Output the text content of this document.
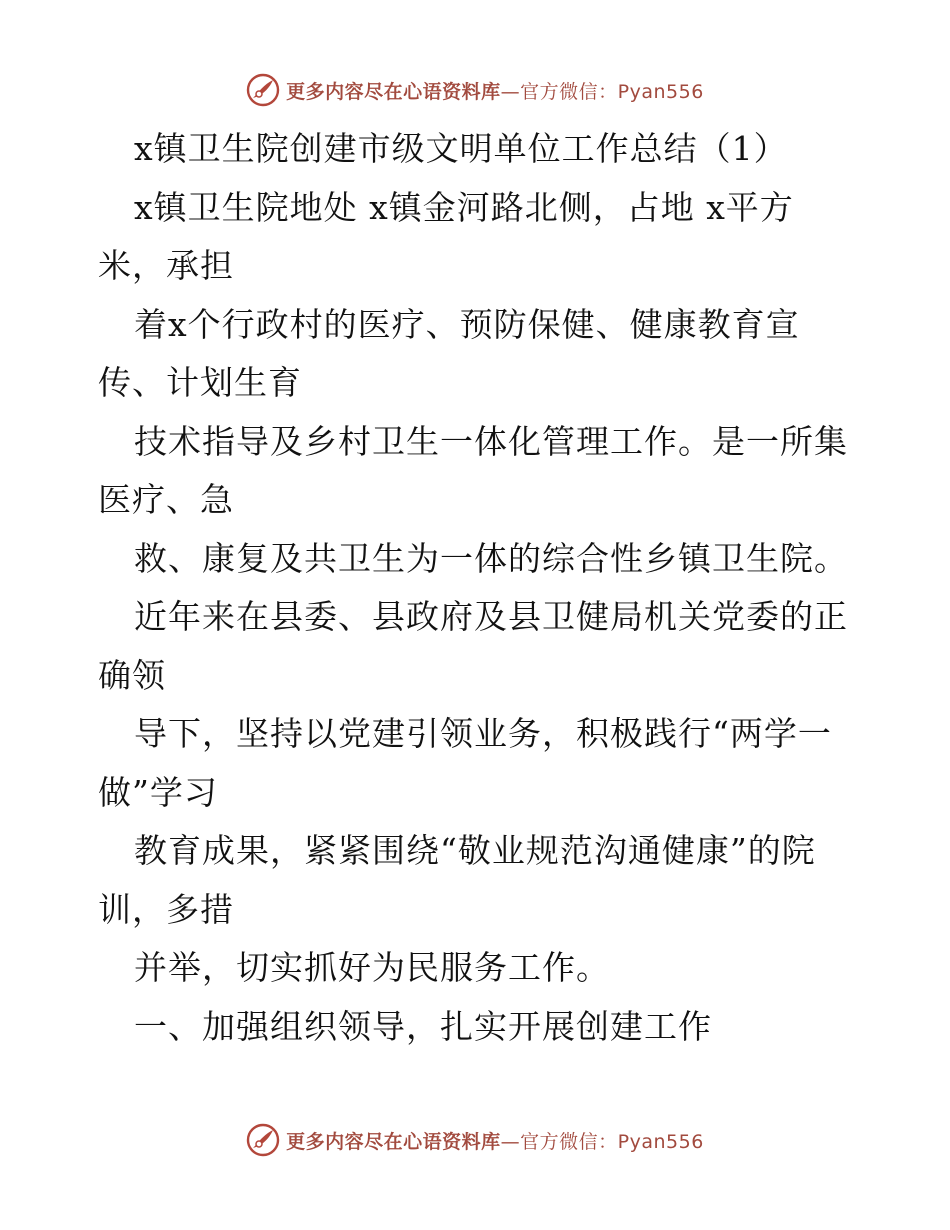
更多内容尽在心语资料库—官方微信：Pyan556
x镇卫生院创建市级文明单位工作总结（1）
x镇卫生院地处 x镇金河路北侧，占地 x平方
米，承担
着x个行政村的医疗、预防保健、健康教育宣
传、计划生育
技术指导及乡村卫生一体化管理工作。是一所集
医疗、急
救、康复及共卫生为一体的综合性乡镇卫生院。
近年来在县委、县政府及县卫健局机关党委的正
确领
导下，坚持以党建引领业务，积极践行“两学一
做”学习
教育成果，紧紧围绕“敬业规范沟通健康”的院
训，多措
并举，切实抓好为民服务工作。
一、加强组织领导，扎实开展创建工作
更多内容尽在心语资料库—官方微信：Pyan556
